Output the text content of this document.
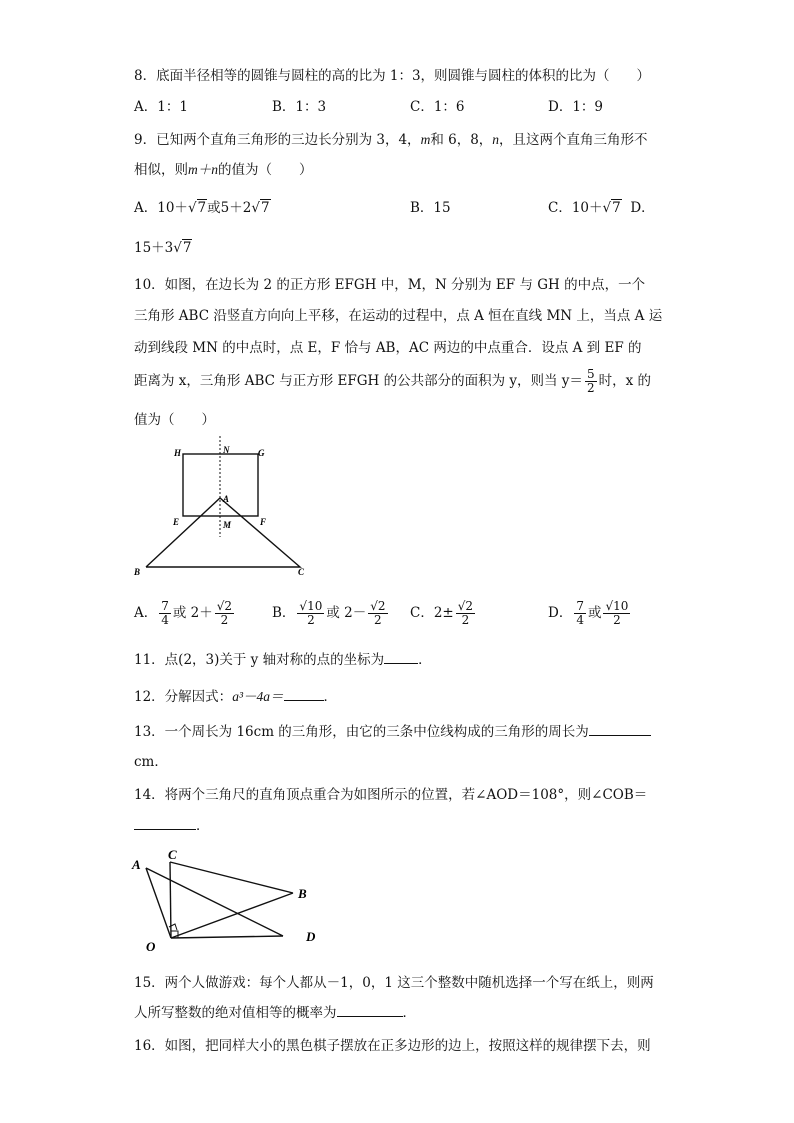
8．底面半径相等的圆锥与圆柱的高的比为 1：3，则圆锥与圆柱的体积的比为（　　）
A．1：1	B．1：3	C．1：6	D．1：9
9．已知两个直角三角形的三边长分别为 3，4，m和 6，8，n，且这两个直角三角形不
相似，则m＋n的值为（　　）
A．10＋√7或5＋2√7	B．15	C．10＋√7 D．
15＋3√7
10．如图，在边长为 2 的正方形 EFGH 中，M，N 分别为 EF 与 GH 的中点，一个
三角形 ABC 沿竖直方向向上平移，在运动的过程中，点 A 恒在直线 MN 上，当点 A 运
动到线段 MN 的中点时，点 E，F 恰与 AB，AC 两边的中点重合．设点 A 到 EF 的
距离为 x，三角形 ABC 与正方形 EFGH 的公共部分的面积为 y，则当 $y= \frac{5}{2}$ 时，x 的
值为（　　）
H	N	G
A
E	M	F
B	C
A． $\frac{7}{4}$ 或 $2+ \frac{√2}{2}$	B． $\frac{√10}{2}$ 或 $2- \frac{√2}{2}$ C．$2\pm \frac{√2}{2}$	D． $\frac{7}{4}$ 或 $\frac{√10}{2}$
11．点(2，3)关于 y 轴对称的点的坐标为	．
12．分解因式：a³－4a＝	．
13．一个周长为 16cm 的三角形，由它的三条中位线构成的三角形的周长为
cm．
14．将两个三角尺的直角顶点重合为如图所示的位置，若∠AOD＝108°，则∠COB＝
．
A
C
B
O
D
15．两个人做游戏：每个人都从－1，0，1 这三个整数中随机选择一个写在纸上，则两
人所写整数的绝对值相等的概率为	．
16．如图，把同样大小的黑色棋子摆放在正多边形的边上，按照这样的规律摆下去，则
